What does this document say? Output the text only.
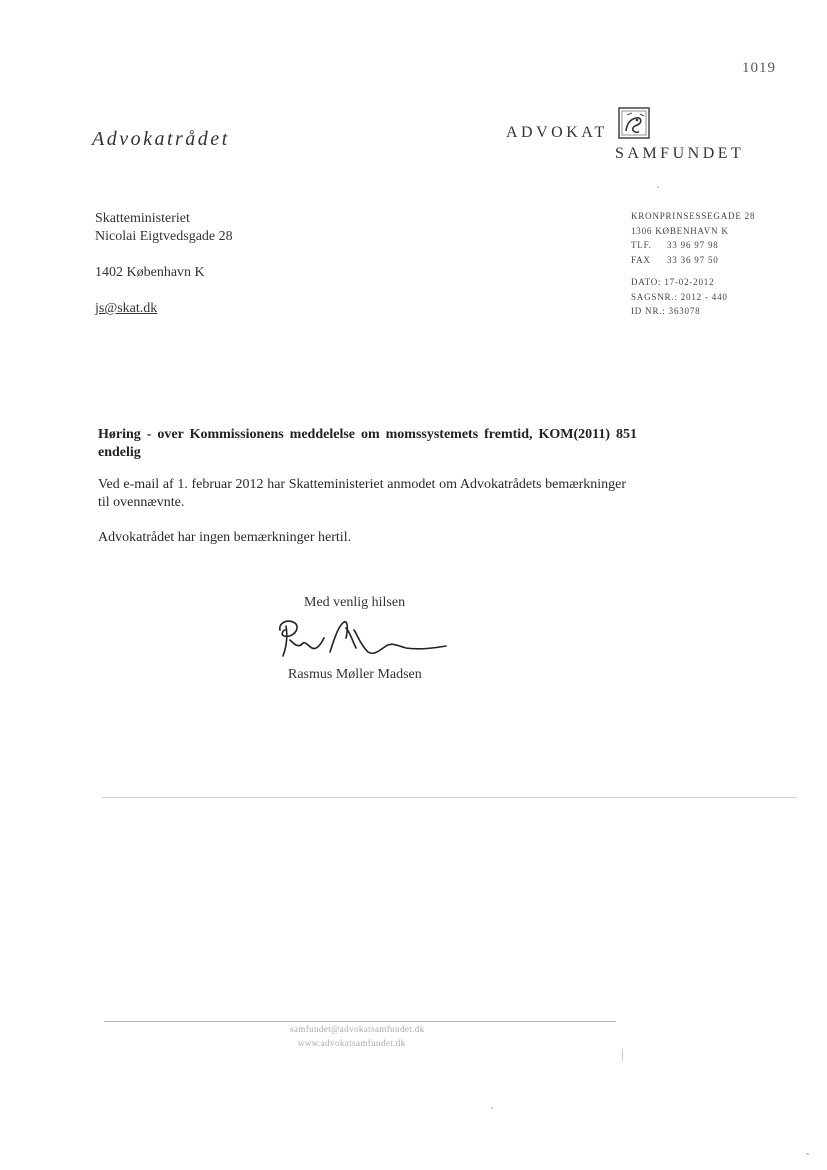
1019
Advokatrådet	ADVOKAT
SAMFUNDET
Skatteministeriet
Nicolai Eigtvedsgade 28
1402 København K
js@skat.dk
KRONPRINSESSEGADE 28
1306 KØBENHAVN K
TLF. 33 96 97 98
FAX 33 36 97 50
DATO: 17-02-2012
SAGSNR.: 2012 - 440
ID NR.: 363078
Høring - over Kommissionens meddelelse om momssystemets fremtid, KOM(2011) 851 endelig
Ved e-mail af 1. februar 2012 har Skatteministeriet anmodet om Advokatrådets bemærkninger til ovennævnte.
Advokatrådet har ingen bemærkninger hertil.
Med venlig hilsen
Rasmus Møller Madsen
samfundet@advokatsamfundet.dk
www.advokatsamfundet.dk
